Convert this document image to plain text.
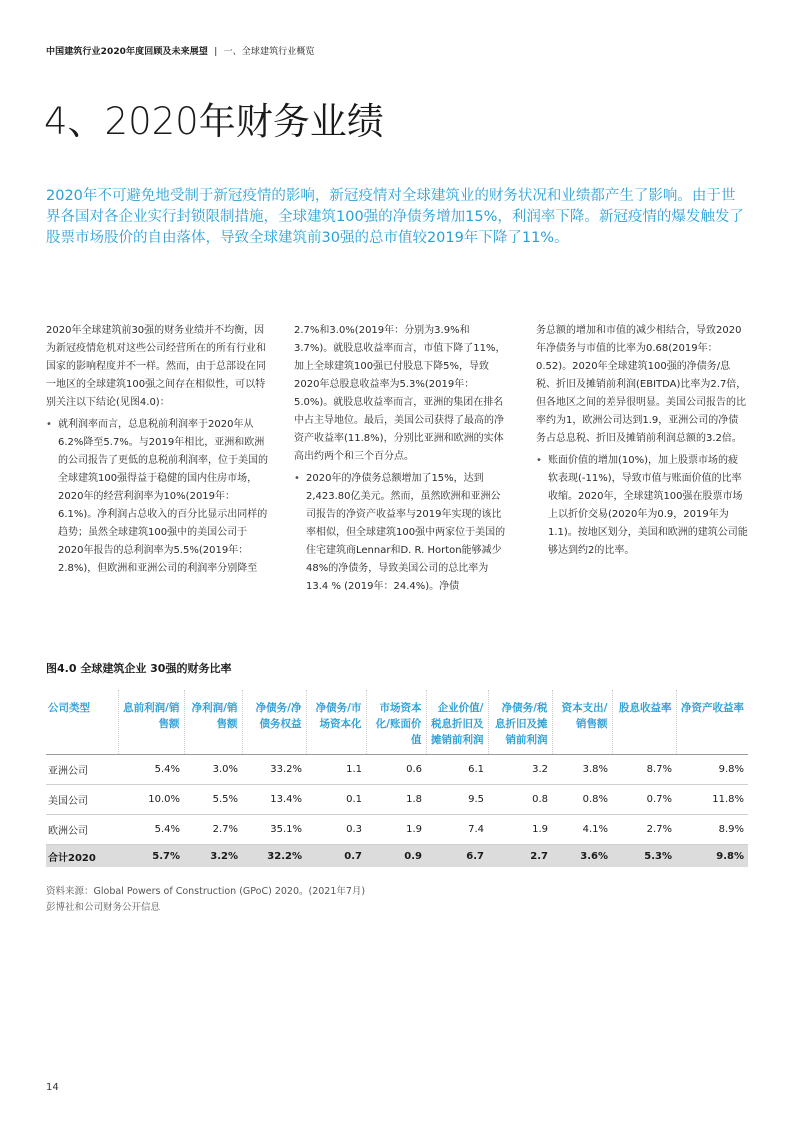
中国建筑行业2020年度回顾及未来展望 | 一、全球建筑行业概览
4、2020年财务业绩

2020年不可避免地受制于新冠疫情的影响，新冠疫情对全球建筑业的财务状况和业绩都产生了影响。由于世界各国对各企业实行封锁限制措施，全球建筑100强的净债务增加15%，利润率下降。新冠疫情的爆发触发了股票市场股价的自由落体，导致全球建筑前30强的总市值较2019年下降了11%。

2020年全球建筑前30强的财务业绩并不均衡，因为新冠疫情危机对这些公司经营所在的所有行业和国家的影响程度并不一样。然而，由于总部设在同一地区的全球建筑100强之间存在相似性，可以特别关注以下结论(见图4.0)：

• 就利润率而言，总息税前利润率于2020年从6.2%降至5.7%。与2019年相比，亚洲和欧洲的公司报告了更低的息税前利润率，位于美国的全球建筑100强得益于稳健的国内住房市场，2020年的经营利润率为10%(2019年：6.1%)。净利润占总收入的百分比显示出同样的趋势；虽然全球建筑100强中的美国公司于2020年报告的总利润率为5.5%(2019年：2.8%)，但欧洲和亚洲公司的利润率分别降至

2.7%和3.0%(2019年：分别为3.9%和3.7%)。就股息收益率而言，市值下降了11%，加上全球建筑100强已付股息下降5%，导致2020年总股息收益率为5.3%(2019年：5.0%)。就股息收益率而言，亚洲的集团在排名中占主导地位。最后，美国公司获得了最高的净资产收益率(11.8%)，分别比亚洲和欧洲的实体高出约两个和三个百分点。

• 2020年的净债务总额增加了15%，达到2,423.80亿美元。然而，虽然欧洲和亚洲公司报告的净资产收益率与2019年实现的该比率相似，但全球建筑100强中两家位于美国的住宅建筑商Lennar和D. R. Horton能够减少48%的净债务，导致美国公司的总比率为13.4 % (2019年：24.4%)。净债

务总额的增加和市值的减少相结合，导致2020年净债务与市值的比率为0.68(2019年：0.52)。2020年全球建筑100强的净债务/息税、折旧及摊销前利润(EBITDA)比率为2.7倍，但各地区之间的差异很明显。美国公司报告的比率约为1，欧洲公司达到1.9，亚洲公司的净债务占总息税、折旧及摊销前利润总额的3.2倍。

• 账面价值的增加(10%)，加上股票市场的疲软表现(-11%)，导致市值与账面价值的比率收缩。2020年，全球建筑100强在股票市场上以折价交易(2020年为0.9，2019年为1.1)。按地区划分，美国和欧洲的建筑公司能够达到约2的比率。

图4.0 全球建筑企业 30强的财务比率
公司类型	息前利润/销售额	净利润/销售额	净债务/净债务权益	净债务/市场资本化	市场资本化/账面价值	企业价值/税息折旧及摊销前利润	净债务/税息折旧及摊销前利润	资本支出/销售额	股息收益率	净资产收益率
亚洲公司	5.4%	3.0%	33.2%	1.1	0.6	6.1	3.2	3.8%	8.7%	9.8%
美国公司	10.0%	5.5%	13.4%	0.1	1.8	9.5	0.8	0.8%	0.7%	11.8%
欧洲公司	5.4%	2.7%	35.1%	0.3	1.9	7.4	1.9	4.1%	2.7%	8.9%
合计2020	5.7%	3.2%	32.2%	0.7	0.9	6.7	2.7	3.6%	5.3%	9.8%

资料来源：Global Powers of Construction (GPoC) 2020。(2021年7月)

彭博社和公司财务公开信息

14
